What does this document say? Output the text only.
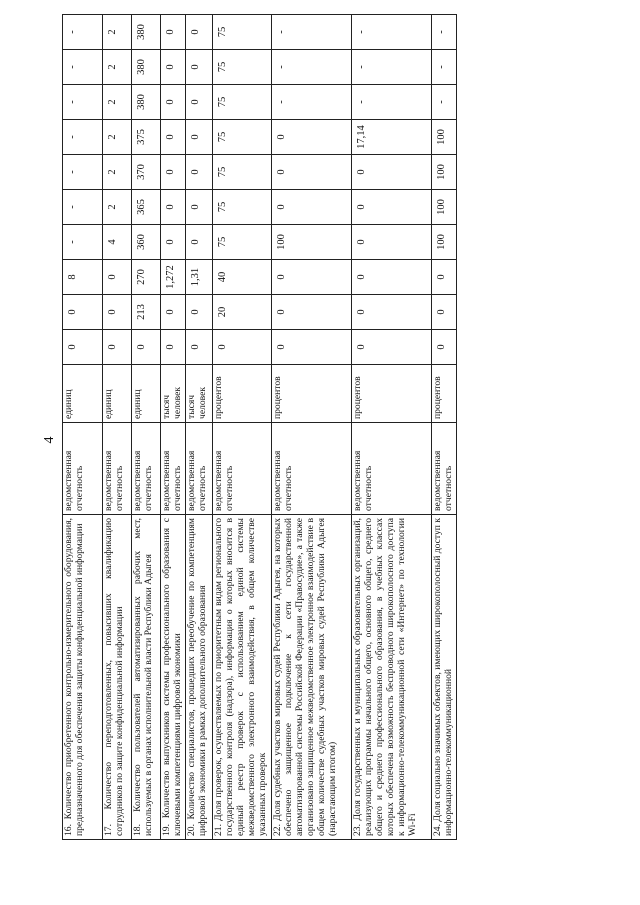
4
16. Количество приобретенного контрольно-измерительного оборудования, предназначенного для обеспечения защиты конфиденциальной информации	ведомственная отчетность	единиц	0	0	8	-	-	-	-	-	-	-
17. Количество переподготовленных, повысивших квалификацию сотрудников по защите конфиденциальной информации	ведомственная отчетность	единиц	0	0	0	4	2	2	2	2	2	2
18. Количество пользователей автоматизированных рабочих мест, используемых в органах исполнительной власти Республики Адыгея	ведомственная отчетность	единиц	0	213	270	360	365	370	375	380	380	380
19. Количество выпускников системы профессионального образования с ключевыми компетенциями цифровой экономики	ведомственная отчетность	тысяч человек	0	0	1,272	0	0	0	0	0	0	0
20. Количество специалистов, прошедших переобучение по компетенциям цифровой экономики в рамках дополнительного образования	ведомственная отчетность	тысяч человек	0	0	1,31	0	0	0	0	0	0	0
21. Доля проверок, осуществляемых по приоритетным видам регионального государственного контроля (надзора), информация о которых вносится в единый реестр проверок с использованием единой системы межведомственного электронного взаимодействия, в общем количестве указанных проверок	ведомственная отчетность	процентов	0	20	40	75	75	75	75	75	75	75
22. Доля судебных участков мировых судей Республики Адыгея, на которых обеспечено защищенное подключение к сети государственной автоматизированной системы Российской Федерации «Правосудие», а также организовано защищенное межведомственное электронное взаимодействие в общем количестве судебных участков мировых судей Республики Адыгея (нарастающим итогом)	ведомственная отчетность	процентов	0	0	0	100	0	0	0	-	-	-
23. Доля государственных и муниципальных образовательных организаций, реализующих программы начального общего, основного общего, среднего общего и среднего профессионального образования, в учебных классах которых обеспечена возможность беспроводного широкополосного доступа к информационно-телекоммуникационной сети «Интернет» по технологии Wi-Fi	ведомственная отчетность	процентов	0	0	0	0	0	0	17,14	-	-	-
24. Доля социально значимых объектов, имеющих широкополосный доступ к информационно-телекоммуникационной	ведомственная отчетность	процентов	0	0	0	100	100	100	100	-	-	-
